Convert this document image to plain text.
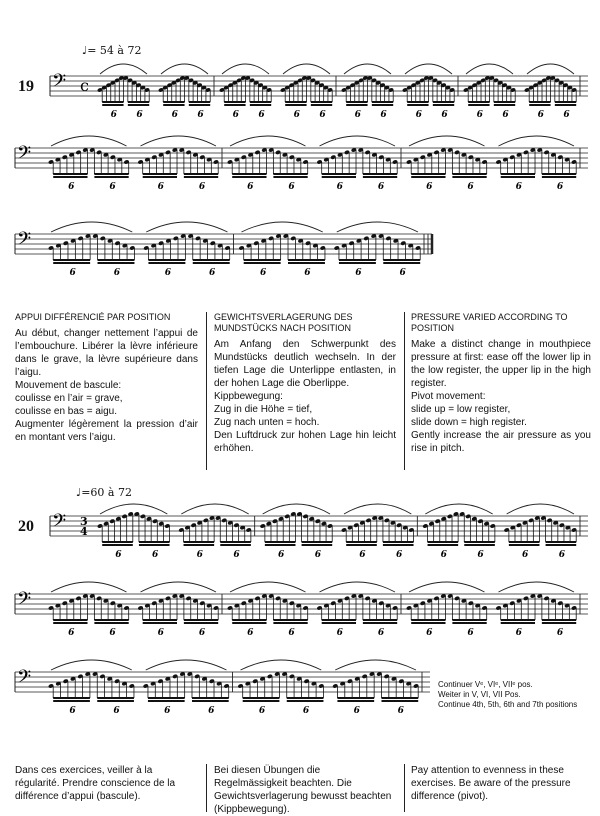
♩= 54 à 72
19 𝄢 c
6 6	6 6	6 6	6 6	6 6	6 6	6 6	6 6
𝄢
6	6	6	6	6	6	6	6	6	6	6	6
𝄢
6	6	6	6	6	6	6	6
APPUI DIFFÉRENCIÉ PAR POSITION
Au début, changer nettement l’appui de l’embouchure. Libérer la lèvre inférieure dans le grave, la lèvre supérieure dans l’aigu.
Mouvement de bascule:
coulisse en l’air = grave,
coulisse en bas = aigu.
Augmenter légèrement la pression d’air en montant vers l’aigu.
GEWICHTSVERLAGERUNG DES MUNDSTÜCKS NACH POSITION
Am Anfang den Schwerpunkt des Mundstücks deutlich wechseln. In der tiefen Lage die Unterlippe entlasten, in der hohen Lage die Oberlippe.
Kippbewegung:
Zug in die Höhe = tief,
Zug nach unten = hoch.
Den Luftdruck zur hohen Lage hin leicht erhöhen.
PRESSURE VARIED ACCORDING TO POSITION
Make a distinct change in mouthpiece pressure at first: ease off the lower lip in the low register, the upper lip in the high register.
Pivot movement:
slide up = low register,
slide down = high register.
Gently increase the air pressure as you rise in pitch.
♩=60 à 72
20 𝄢 3
4
6	6	6	6	6	6	6	6	6	6	6	6
𝄢
6	6	6	6	6	6	6	6	6	6	6	6
𝄢
6	6	6	6	6	6	6	6
Continuer Vᵉ, VIᵉ, VIIᵉ pos.
Weiter in V, VI, VII Pos.
Continue 4th, 5th, 6th and 7th positions
Dans ces exercices, veiller à la régularité. Prendre conscience de la différence d’appui (bascule).
Bei diesen Übungen die Regelmässigkeit beachten. Die Gewichtsverlagerung bewusst beachten (Kippbewegung).
Pay attention to evenness in these exercises. Be aware of the pressure difference (pivot).
